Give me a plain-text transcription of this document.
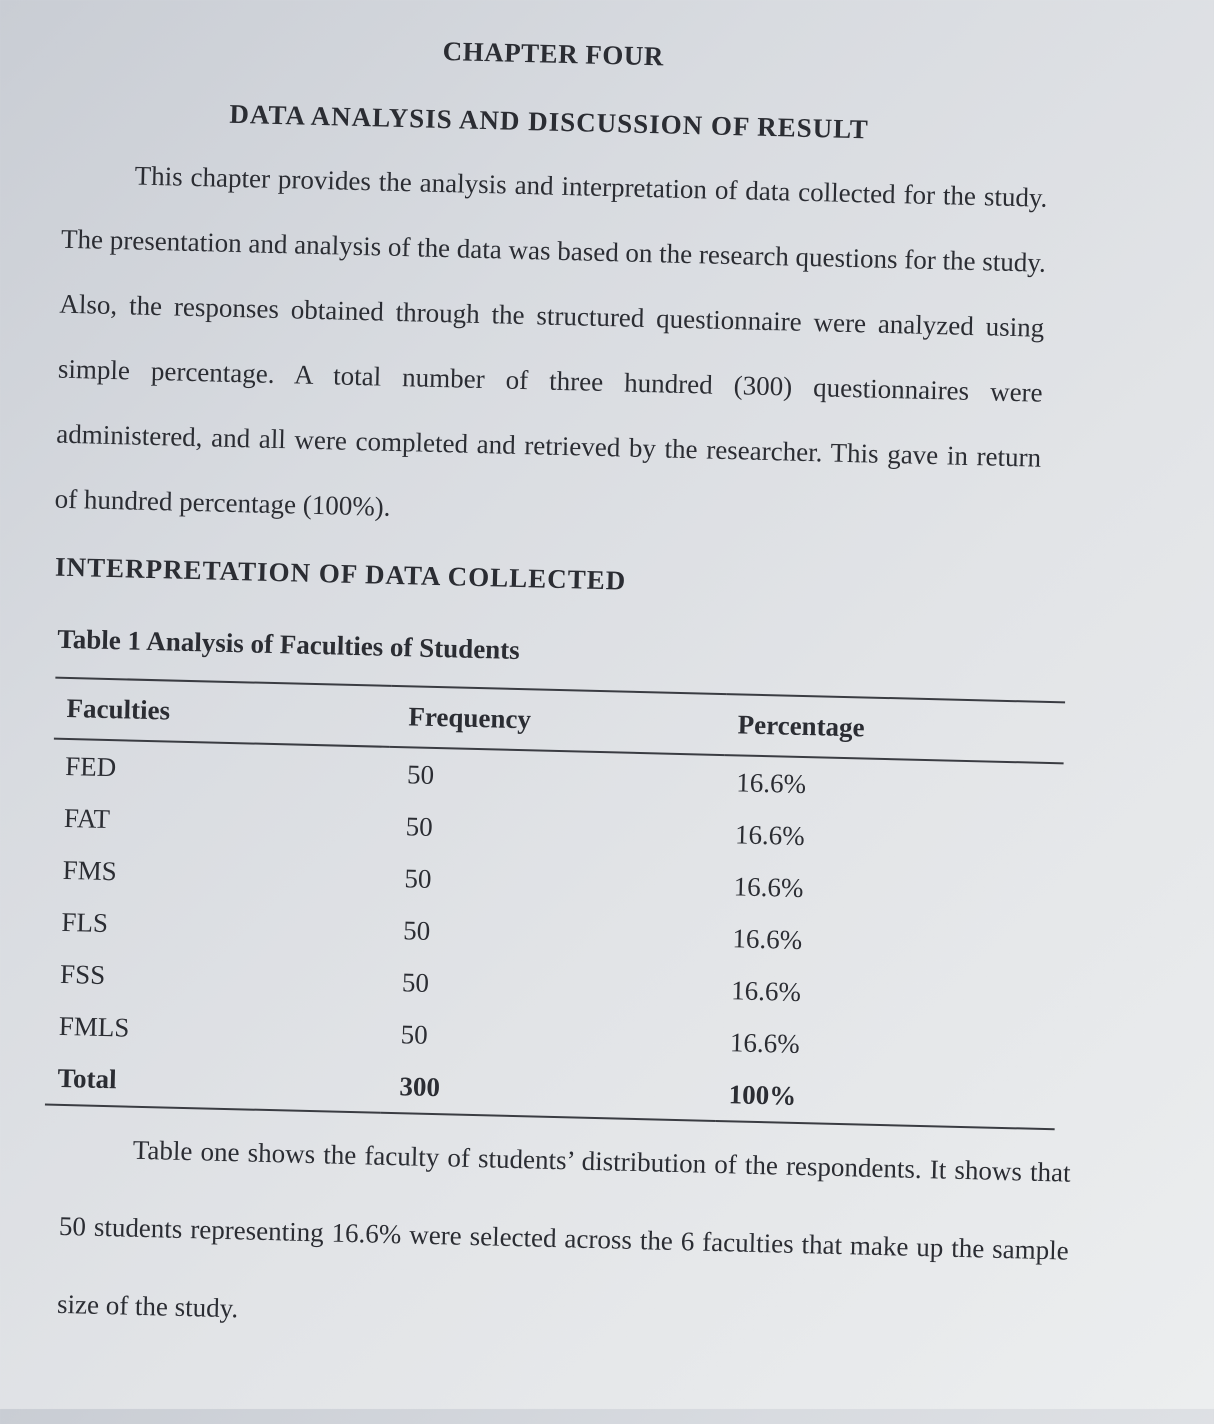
CHAPTER FOUR
DATA ANALYSIS AND DISCUSSION OF RESULT

This chapter provides the analysis and interpretation of data collected for the study. The presentation and analysis of the data was based on the research questions for the study. Also, the responses obtained through the structured questionnaire were analyzed using simple percentage. A total number of three hundred (300) questionnaires were administered, and all were completed and retrieved by the researcher. This gave in return of hundred percentage (100%).

INTERPRETATION OF DATA COLLECTED
Table 1 Analysis of Faculties of Students
Faculties	Frequency	Percentage
FED	50	16.6%
FAT	50	16.6%
FMS	50	16.6%
FLS	50	16.6%
FSS	50	16.6%
FMLS	50	16.6%
Total	300	100%

Table one shows the faculty of students’ distribution of the respondents. It shows that 50 students representing 16.6% were selected across the 6 faculties that make up the sample size of the study.
